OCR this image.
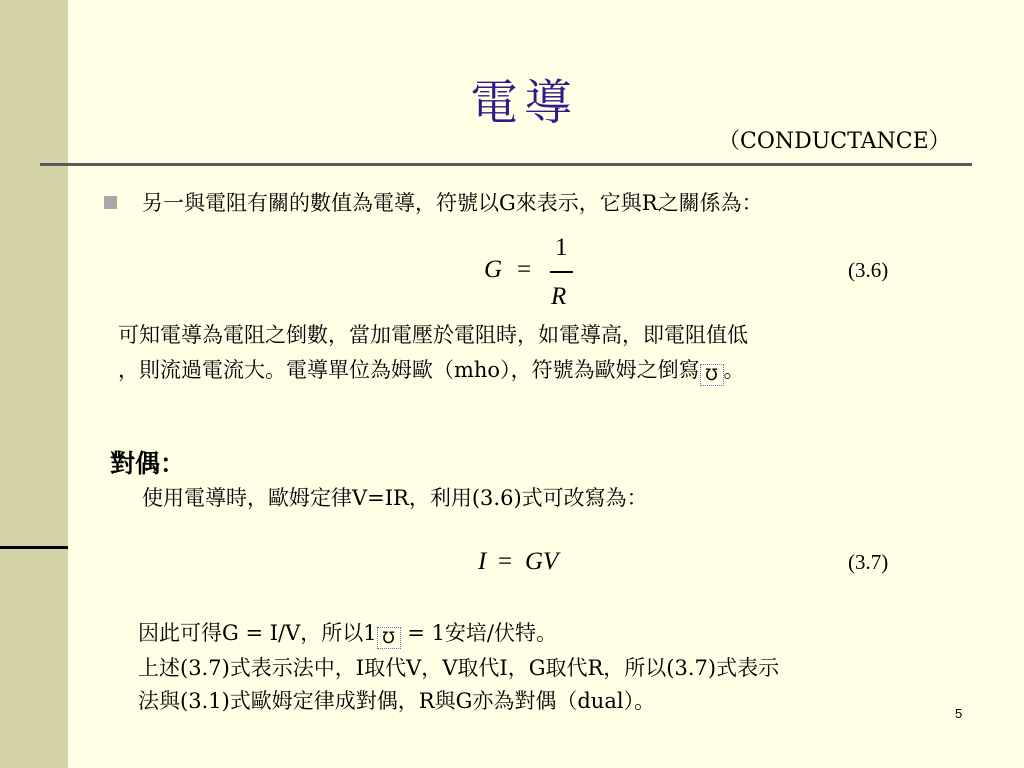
電導
（CONDUCTANCE）
另一與電阻有關的數值為電導，符號以G來表示，它與R之關係為：
G =
1
R
(3.6)
可知電導為電阻之倒數，當加電壓於電阻時，如電導高，即電阻值低
，則流過電流大。電導單位為姆歐（mho），符號為歐姆之倒寫 ℧ 。
對偶：
使用電導時，歐姆定律V=IR，利用(3.6)式可改寫為：
I = GV	(3.7)
因此可得G = I/V，所以1 ℧ = 1安培/伏特。
上述(3.7)式表示法中，I取代V，V取代I，G取代R，所以(3.7)式表示
法與(3.1)式歐姆定律成對偶，R與G亦為對偶（dual）。
5
